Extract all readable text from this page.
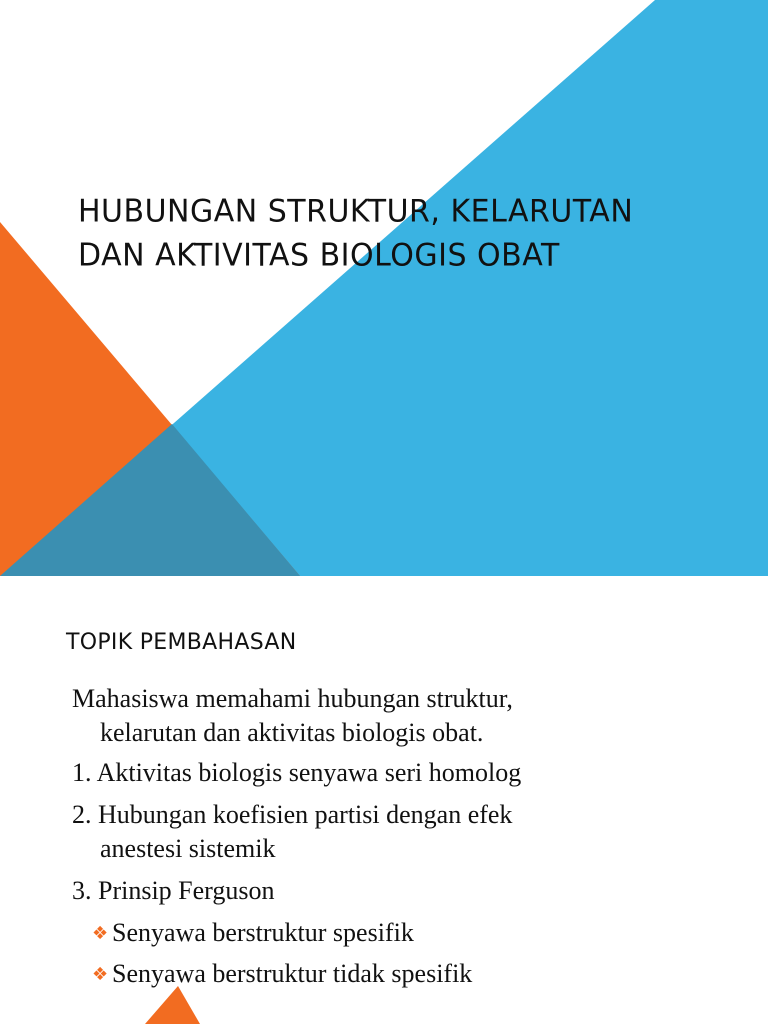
HUBUNGAN STRUKTUR, KELARUTAN
DAN AKTIVITAS BIOLOGIS OBAT
TOPIK PEMBAHASAN

Mahasiswa memahami hubungan struktur,
kelarutan dan aktivitas biologis obat.

1. Aktivitas biologis senyawa seri homolog

2. Hubungan koefisien partisi dengan efek
anestesi sistemik

3. Prinsip Ferguson

❖ Senyawa berstruktur spesifik

❖ Senyawa berstruktur tidak spesifik
